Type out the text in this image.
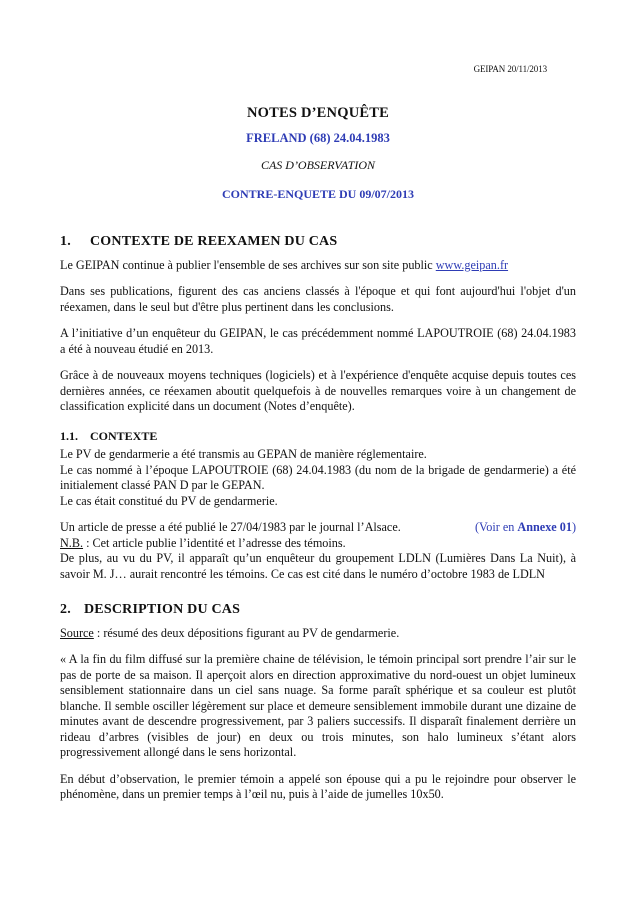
GEIPAN 20/11/2013
NOTES D’ENQUÊTE
FRELAND (68) 24.04.1983
CAS D’OBSERVATION
CONTRE-ENQUETE DU 09/07/2013
1. CONTEXTE DE REEXAMEN DU CAS

Le GEIPAN continue à publier l'ensemble de ses archives sur son site public www.geipan.fr

Dans ses publications, figurent des cas anciens classés à l'époque et qui font aujourd'hui l'objet d'un réexamen, dans le seul but d'être plus pertinent dans les conclusions.

A l’initiative d’un enquêteur du GEIPAN, le cas précédemment nommé LAPOUTROIE (68) 24.04.1983 a été à nouveau étudié en 2013.

Grâce à de nouveaux moyens techniques (logiciels) et à l'expérience d'enquête acquise depuis toutes ces dernières années, ce réexamen aboutit quelquefois à de nouvelles remarques voire à un changement de classification explicité dans un document (Notes d’enquête).

1.1. CONTEXTE

Le PV de gendarmerie a été transmis au GEPAN de manière réglementaire.

Le cas nommé à l’époque LAPOUTROIE (68) 24.04.1983 (du nom de la brigade de gendarmerie) a été initialement classé PAN D par le GEPAN.

Le cas était constitué du PV de gendarmerie.

Un article de presse a été publié le 27/04/1983 par le journal l’Alsace.	(Voir en Annexe 01)

N.B. : Cet article publie l’identité et l’adresse des témoins.

De plus, au vu du PV, il apparaît qu’un enquêteur du groupement LDLN (Lumières Dans La Nuit), à savoir M. J… aurait rencontré les témoins. Ce cas est cité dans le numéro d’octobre 1983 de LDLN

2. DESCRIPTION DU CAS

Source : résumé des deux dépositions figurant au PV de gendarmerie.

« A la fin du film diffusé sur la première chaine de télévision, le témoin principal sort prendre l’air sur le pas de porte de sa maison. Il aperçoit alors en direction approximative du nord-ouest un objet lumineux sensiblement stationnaire dans un ciel sans nuage. Sa forme paraît sphérique et sa couleur est plutôt blanche. Il semble osciller légèrement sur place et demeure sensiblement immobile durant une dizaine de minutes avant de descendre progressivement, par 3 paliers successifs. Il disparaît finalement derrière un rideau d’arbres (visibles de jour) en deux ou trois minutes, son halo lumineux s’étant alors progressivement allongé dans le sens horizontal.

En début d’observation, le premier témoin a appelé son épouse qui a pu le rejoindre pour observer le phénomène, dans un premier temps à l’œil nu, puis à l’aide de jumelles 10x50.
